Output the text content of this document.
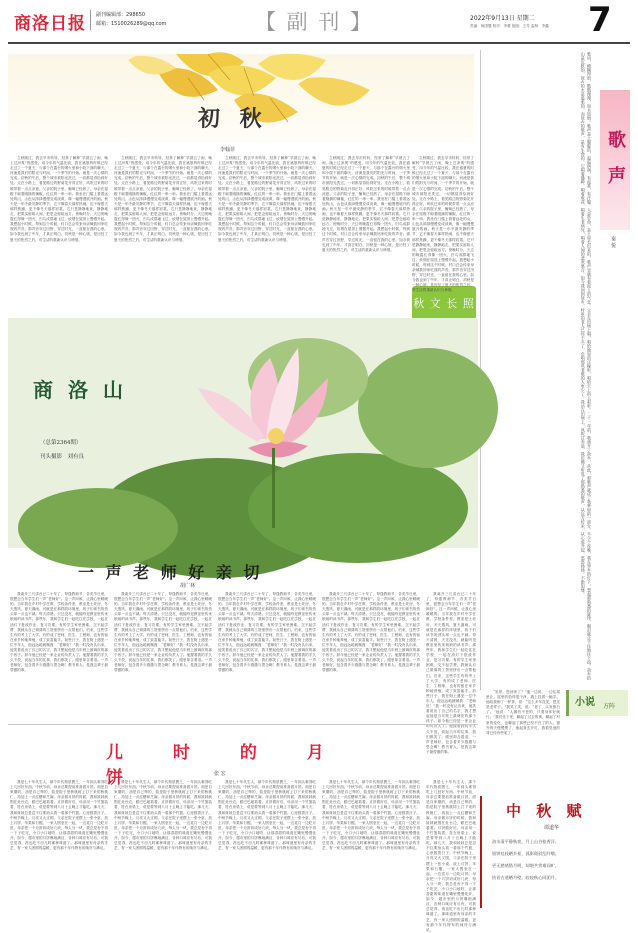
商洛日报 副刊编辑部：298650
邮箱：1510026289@qq.com	【 副 刊 】	2022年9月13日 星期二
责编：杨国馨 校对：李蕾 组版：王芳 监制：李鑫 7
初 秋
李翰菲

立秋刚过，我去早市转转，经常了解种“早晨五了雨，晚上过凉爽”的感受，用今年的气温比较，我在盛夏的时候已经走过了一个夏天，与那个在露台的烟火里和小院下面的聊天。河流是我们的阳光与时间，一个季节的开始，就是一次心情的完成。初秋的午后，整个城市被阳光洗过，一切都显得恰到好处。走在小路上，看见路边的野菊花开得正好，风吹过来的时候带着一点点凉意。父亲的院子里，葡萄已经熟了，母亲在屋檐下晾着刚摘的辣椒，红红的一串一串。我坐在门槛上看着远处的山，山色从浓绿慢慢变成淡黄，像一幅慢慢展开的画。秋天是一年中最安静的季节，它不像春天那样热闹，也不像夏天那样焦躁，更不像冬天那样寂寞。它只是静静地来，静静地走，把果实留给人间，把思念留给远方。傍晚时分，天边的晚霞红得像一团火，归鸟成群地飞过，炊烟在屋顶上慢慢升起。我想起小时候，每到这个时候，村口总会传来母亲喊我回家吃饭的声音。那声音穿过田野，穿过时光，一直留在我的心里。如今我也到了中年，才真正明白，初秋是一种心境，是历经了夏天的热烈之后，对生活的重新认识与珍惜。

立秋刚过，我去早市转转，经常了解种“早晨五了雨，晚上过凉爽”的感受，用今年的气温比较，我在盛夏的时候已经走过了一个夏天，与那个在露台的烟火里和小院下面的聊天。河流是我们的阳光与时间，一个季节的开始，就是一次心情的完成。初秋的午后，整个城市被阳光洗过，一切都显得恰到好处。走在小路上，看见路边的野菊花开得正好，风吹过来的时候带着一点点凉意。父亲的院子里，葡萄已经熟了，母亲在屋檐下晾着刚摘的辣椒，红红的一串一串。我坐在门槛上看着远处的山，山色从浓绿慢慢变成淡黄，像一幅慢慢展开的画。秋天是一年中最安静的季节，它不像春天那样热闹，也不像夏天那样焦躁，更不像冬天那样寂寞。它只是静静地来，静静地走，把果实留给人间，把思念留给远方。傍晚时分，天边的晚霞红得像一团火，归鸟成群地飞过，炊烟在屋顶上慢慢升起。我想起小时候，每到这个时候，村口总会传来母亲喊我回家吃饭的声音。那声音穿过田野，穿过时光，一直留在我的心里。如今我也到了中年，才真正明白，初秋是一种心境，是历经了夏天的热烈之后，对生活的重新认识与珍惜。

立秋刚过，我去早市转转，经常了解种“早晨五了雨，晚上过凉爽”的感受，用今年的气温比较，我在盛夏的时候已经走过了一个夏天，与那个在露台的烟火里和小院下面的聊天。河流是我们的阳光与时间，一个季节的开始，就是一次心情的完成。初秋的午后，整个城市被阳光洗过，一切都显得恰到好处。走在小路上，看见路边的野菊花开得正好，风吹过来的时候带着一点点凉意。父亲的院子里，葡萄已经熟了，母亲在屋檐下晾着刚摘的辣椒，红红的一串一串。我坐在门槛上看着远处的山，山色从浓绿慢慢变成淡黄，像一幅慢慢展开的画。秋天是一年中最安静的季节，它不像春天那样热闹，也不像夏天那样焦躁，更不像冬天那样寂寞。它只是静静地来，静静地走，把果实留给人间，把思念留给远方。傍晚时分，天边的晚霞红得像一团火，归鸟成群地飞过，炊烟在屋顶上慢慢升起。我想起小时候，每到这个时候，村口总会传来母亲喊我回家吃饭的声音。那声音穿过田野，穿过时光，一直留在我的心里。如今我也到了中年，才真正明白，初秋是一种心境，是历经了夏天的热烈之后，对生活的重新认识与珍惜。

立秋刚过，我去早市转转，经常了解种“早晨五了雨，晚上过凉爽”的感受，用今年的气温比较，我在盛夏的时候已经走过了一个夏天，与那个在露台的烟火里和小院下面的聊天。河流是我们的阳光与时间，一个季节的开始，就是一次心情的完成。初秋的午后，整个城市被阳光洗过，一切都显得恰到好处。走在小路上，看见路边的野菊花开得正好，风吹过来的时候带着一点点凉意。父亲的院子里，葡萄已经熟了，母亲在屋檐下晾着刚摘的辣椒，红红的一串一串。我坐在门槛上看着远处的山，山色从浓绿慢慢变成淡黄，像一幅慢慢展开的画。秋天是一年中最安静的季节，它不像春天那样热闹，也不像夏天那样焦躁，更不像冬天那样寂寞。它只是静静地来，静静地走，把果实留给人间，把思念留给远方。傍晚时分，天边的晚霞红得像一团火，归鸟成群地飞过，炊烟在屋顶上慢慢升起。我想起小时候，每到这个时候，村口总会传来母亲喊我回家吃饭的声音。那声音穿过田野，穿过时光，一直留在我的心里。如今我也到了中年，才真正明白，初秋是一种心境，是历经了夏天的热烈之后，对生活的重新认识与珍惜。

秋 文 长 照

立秋刚过，我去早市转转，经常了解种“早晨五了雨，晚上过凉爽”的感受，用今年的气温比较，我在盛夏的时候已经走过了一个夏天，与那个在露台的烟火里和小院下面的聊天。河流是我们的阳光与时间，一个季节的开始，就是一次心情的完成。初秋的午后，整个城市被阳光洗过，一切都显得恰到好处。走在小路上，看见路边的野菊花开得正好，风吹过来的时候带着一点点凉意。父亲的院子里，葡萄已经熟了，母亲在屋檐下晾着刚摘的辣椒，红红的一串一串。我坐在门槛上看着远处的山，山色从浓绿慢慢变成淡黄，像一幅慢慢展开的画。秋天是一年中最安静的季节，它不像春天那样热闹，也不像夏天那样焦躁，更不像冬天那样寂寞。它只是静静地来，静静地走，把果实留给人间，把思念留给远方。傍晚时分，天边的晚霞红得像一团火，归鸟成群地飞过，炊烟在屋顶上慢慢升起。我想起小时候，每到这个时候，村口总会传来母亲喊我回家吃饭的声音。那声音穿过田野，穿过时光，一直留在我的心里。如今我也到了中年，才真正明白，初秋是一种心境，是历经了夏天的热烈之后，对生活的重新认识与珍惜。	歌词，模糊得很，散散漫漫，如水如烟。歌声是土腥腥的，温温润润，有泥香，有汗腥。人是草命，是土里长出来的，歌声也就有着泥土的气息。父亲在田埂上唱，唱给地里的庄稼听，唱给天上的云彩听。二十一年前，我离开了故乡，从此，那歌声就成了我梦里的一部分。多少个夜晚，我在异乡的灯下，想起那熟悉的旋律，眼泪就止不住地往下流。故乡的山是沉默的，故乡的水是温柔的，而故乡的歌声，是有生命的。它唱着播种，唱着收获，唱着生老病死，唱着人间的悲欢离合。如今我回到故乡，村里的老人已经不多了，会唱那些老歌的人更少了。我站在田埂上，风吹过麦浪，我仿佛又听见了那熟悉的歌声，从远方传来，从心底升起，悠悠扬扬，不绝如缕。	歌 声
秦 悦
商 洛 山
（总第2364期）
刊头摄影　刘有良
一 声 老 师 好 亲 切
胡广林

我离开三尺讲台已二十年了，每逢教师节，各类节日里，很想念当年学生们一声“老师好”。这一声问候，让我心里暖暖的。当年我在乡村中学任教，学校条件差，教室是土坯房，冬天透风，夏天漏雨。可就是在那样的环境里，孩子们读书的劲头却一点也不减。每天清晨，天还没亮，就能听见教室里传来琅琅的读书声。那些年，我和学生们一起吃住在学校，一起在油灯下批改作业、复习功课。有的学生家里困难，交不起学费，我就从自己微薄的工资里挤出一点帮他们。后来，这些学生有的考上了大学，有的成了老师、医生、工程师，也有的留在家乡种地养殖，成了致富能手。前些日子，我在街上遇见一位中年人，他远远地就喊我：“老师好！”我一时没有认出来，他笑着说出了自己的名字，我才想起他是当年班上最调皮的那个孩子。如今他已经是一家企业的负责人了。他握着我的手久久不放，说起当年的往事，我们都笑了，眼里却含着泪。一声老师好，包含着多少感激与思念啊！教书育人，是我这辈子最骄傲的事。

我离开三尺讲台已二十年了，每逢教师节，各类节日里，很想念当年学生们一声“老师好”。这一声问候，让我心里暖暖的。当年我在乡村中学任教，学校条件差，教室是土坯房，冬天透风，夏天漏雨。可就是在那样的环境里，孩子们读书的劲头却一点也不减。每天清晨，天还没亮，就能听见教室里传来琅琅的读书声。那些年，我和学生们一起吃住在学校，一起在油灯下批改作业、复习功课。有的学生家里困难，交不起学费，我就从自己微薄的工资里挤出一点帮他们。后来，这些学生有的考上了大学，有的成了老师、医生、工程师，也有的留在家乡种地养殖，成了致富能手。前些日子，我在街上遇见一位中年人，他远远地就喊我：“老师好！”我一时没有认出来，他笑着说出了自己的名字，我才想起他是当年班上最调皮的那个孩子。如今他已经是一家企业的负责人了。他握着我的手久久不放，说起当年的往事，我们都笑了，眼里却含着泪。一声老师好，包含着多少感激与思念啊！教书育人，是我这辈子最骄傲的事。

我离开三尺讲台已二十年了，每逢教师节，各类节日里，很想念当年学生们一声“老师好”。这一声问候，让我心里暖暖的。当年我在乡村中学任教，学校条件差，教室是土坯房，冬天透风，夏天漏雨。可就是在那样的环境里，孩子们读书的劲头却一点也不减。每天清晨，天还没亮，就能听见教室里传来琅琅的读书声。那些年，我和学生们一起吃住在学校，一起在油灯下批改作业、复习功课。有的学生家里困难，交不起学费，我就从自己微薄的工资里挤出一点帮他们。后来，这些学生有的考上了大学，有的成了老师、医生、工程师，也有的留在家乡种地养殖，成了致富能手。前些日子，我在街上遇见一位中年人，他远远地就喊我：“老师好！”我一时没有认出来，他笑着说出了自己的名字，我才想起他是当年班上最调皮的那个孩子。如今他已经是一家企业的负责人了。他握着我的手久久不放，说起当年的往事，我们都笑了，眼里却含着泪。一声老师好，包含着多少感激与思念啊！教书育人，是我这辈子最骄傲的事。

我离开三尺讲台已二十年了，每逢教师节，各类节日里，很想念当年学生们一声“老师好”。这一声问候，让我心里暖暖的。当年我在乡村中学任教，学校条件差，教室是土坯房，冬天透风，夏天漏雨。可就是在那样的环境里，孩子们读书的劲头却一点也不减。每天清晨，天还没亮，就能听见教室里传来琅琅的读书声。那些年，我和学生们一起吃住在学校，一起在油灯下批改作业、复习功课。有的学生家里困难，交不起学费，我就从自己微薄的工资里挤出一点帮他们。后来，这些学生有的考上了大学，有的成了老师、医生、工程师，也有的留在家乡种地养殖，成了致富能手。前些日子，我在街上遇见一位中年人，他远远地就喊我：“老师好！”我一时没有认出来，他笑着说出了自己的名字，我才想起他是当年班上最调皮的那个孩子。如今他已经是一家企业的负责人了。他握着我的手久久不放，说起当年的往事，我们都笑了，眼里却含着泪。一声老师好，包含着多少感激与思念啊！教书育人，是我这辈子最骄傲的事。

我离开三尺讲台已二十年了，每逢教师节，各类节日里，很想念当年学生们一声“老师好”。这一声问候，让我心里暖暖的。当年我在乡村中学任教，学校条件差，教室是土坯房，冬天透风，夏天漏雨。可就是在那样的环境里，孩子们读书的劲头却一点也不减。每天清晨，天还没亮，就能听见教室里传来琅琅的读书声。那些年，我和学生们一起吃住在学校，一起在油灯下批改作业、复习功课。有的学生家里困难，交不起学费，我就从自己微薄的工资里挤出一点帮他们。后来，这些学生有的考上了大学，有的成了老师、医生、工程师，也有的留在家乡种地养殖，成了致富能手。前些日子，我在街上遇见一位中年人，他远远地就喊我：“老师好！”我一时没有认出来，他笑着说出了自己的名字，我才想起他是当年班上最调皮的那个孩子。如今他已经是一家企业的负责人了。他握着我的手久久不放，说起当年的往事，我们都笑了，眼里却含着泪。一声老师好，包含着多少感激与思念啊！教书育人，是我这辈子最骄傲的事。

“吴哥，您回来了？”他一边说，一边往屋里让。屋里收拾得很干净，墙上挂着一幅字。他给我倒了一杯茶，说：“这么多年没见，您还是老样子。”我笑了笑，说：“老了，头发都白了。”他说：“人哪有不老的，只要身体好就行。”我们坐下来，聊起了过去的事，聊起了村里的变化，也聊起了那些已经不在了的人。窗外的天慢慢黑了，他起身去开灯，我看见他的背已经有些驼了。

小说 方阵
儿 时 的 月 饼	张 宏

我是七十年代生人，那个年代物质匮乏，一年到头难得吃上几回好东西。中秋节前，母亲总要提前准备做月饼。面是自家磨的，油是自己榨的，馅是院子里核桃树上打下来的核桃仁，再加上一点红糖和芝麻。母亲做月饼的时候，我和妹妹就围在灶台边，眼巴巴地看着。月饼做好后，母亲用一个竹篮装着，挂在房梁上，说是要等到八月十五晚上才能吃。那几天，我和妹妹总是忍不住要抬头看一看那个竹篮，心里数着日子。中秋节晚上，月亮又大又圆，父亲在院子里摆上一张小桌，放上月饼、苹果和石榴，一家人围坐在一起，一边赏月一边吃月饼。母亲把一个月饼切成好几块，每人分一块，我总是舍不得一下子吃完，小口小口地咬，让那香甜的味道在嘴里慢慢化开。如今，超市里的月饼琳琅满目，各种口味应有尽有，可我总觉得，再也吃不出儿时那种味道了。那味道里有母亲的手艺，有一家人团圆的温暖，更有那个年代特有的纯朴与满足。

我是七十年代生人，那个年代物质匮乏，一年到头难得吃上几回好东西。中秋节前，母亲总要提前准备做月饼。面是自家磨的，油是自己榨的，馅是院子里核桃树上打下来的核桃仁，再加上一点红糖和芝麻。母亲做月饼的时候，我和妹妹就围在灶台边，眼巴巴地看着。月饼做好后，母亲用一个竹篮装着，挂在房梁上，说是要等到八月十五晚上才能吃。那几天，我和妹妹总是忍不住要抬头看一看那个竹篮，心里数着日子。中秋节晚上，月亮又大又圆，父亲在院子里摆上一张小桌，放上月饼、苹果和石榴，一家人围坐在一起，一边赏月一边吃月饼。母亲把一个月饼切成好几块，每人分一块，我总是舍不得一下子吃完，小口小口地咬，让那香甜的味道在嘴里慢慢化开。如今，超市里的月饼琳琅满目，各种口味应有尽有，可我总觉得，再也吃不出儿时那种味道了。那味道里有母亲的手艺，有一家人团圆的温暖，更有那个年代特有的纯朴与满足。

我是七十年代生人，那个年代物质匮乏，一年到头难得吃上几回好东西。中秋节前，母亲总要提前准备做月饼。面是自家磨的，油是自己榨的，馅是院子里核桃树上打下来的核桃仁，再加上一点红糖和芝麻。母亲做月饼的时候，我和妹妹就围在灶台边，眼巴巴地看着。月饼做好后，母亲用一个竹篮装着，挂在房梁上，说是要等到八月十五晚上才能吃。那几天，我和妹妹总是忍不住要抬头看一看那个竹篮，心里数着日子。中秋节晚上，月亮又大又圆，父亲在院子里摆上一张小桌，放上月饼、苹果和石榴，一家人围坐在一起，一边赏月一边吃月饼。母亲把一个月饼切成好几块，每人分一块，我总是舍不得一下子吃完，小口小口地咬，让那香甜的味道在嘴里慢慢化开。如今，超市里的月饼琳琅满目，各种口味应有尽有，可我总觉得，再也吃不出儿时那种味道了。那味道里有母亲的手艺，有一家人团圆的温暖，更有那个年代特有的纯朴与满足。

我是七十年代生人，那个年代物质匮乏，一年到头难得吃上几回好东西。中秋节前，母亲总要提前准备做月饼。面是自家磨的，油是自己榨的，馅是院子里核桃树上打下来的核桃仁，再加上一点红糖和芝麻。母亲做月饼的时候，我和妹妹就围在灶台边，眼巴巴地看着。月饼做好后，母亲用一个竹篮装着，挂在房梁上，说是要等到八月十五晚上才能吃。那几天，我和妹妹总是忍不住要抬头看一看那个竹篮，心里数着日子。中秋节晚上，月亮又大又圆，父亲在院子里摆上一张小桌，放上月饼、苹果和石榴，一家人围坐在一起，一边赏月一边吃月饼。母亲把一个月饼切成好几块，每人分一块，我总是舍不得一下子吃完，小口小口地咬，让那香甜的味道在嘴里慢慢化开。如今，超市里的月饼琳琅满目，各种口味应有尽有，可我总觉得，再也吃不出儿时那种味道了。那味道里有母亲的手艺，有一家人团圆的温暖，更有那个年代特有的纯朴与满足。

我是七十年代生人，那个年代物质匮乏，一年到头难得吃上几回好东西。中秋节前，母亲总要提前准备做月饼。面是自家磨的，油是自己榨的，馅是院子里核桃树上打下来的核桃仁，再加上一点红糖和芝麻。母亲做月饼的时候，我和妹妹就围在灶台边，眼巴巴地看着。月饼做好后，母亲用一个竹篮装着，挂在房梁上，说是要等到八月十五晚上才能吃。那几天，我和妹妹总是忍不住要抬头看一看那个竹篮，心里数着日子。中秋节晚上，月亮又大又圆，父亲在院子里摆上一张小桌，放上月饼、苹果和石榴，一家人围坐在一起，一边赏月一边吃月饼。母亲把一个月饼切成好几块，每人分一块，我总是舍不得一下子吃完，小口小口地咬，让那香甜的味道在嘴里慢慢化开。如今，超市里的月饼琳琅满目，各种口味应有尽有，可我总觉得，再也吃不出儿时那种味道了。那味道里有母亲的手艺，有一家人团圆的温暖，更有那个年代特有的纯朴与满足。

中 秋 赋
谭道华
洛水清平静秋夜，月上山谷桂香浮。
银饼挂枝晒乡景，孤影斑驳乱吟哦。
更无愁绪错月明，却堪共赏难同旷。
抬首古道晒月壁，皎皎秋心同团月。
